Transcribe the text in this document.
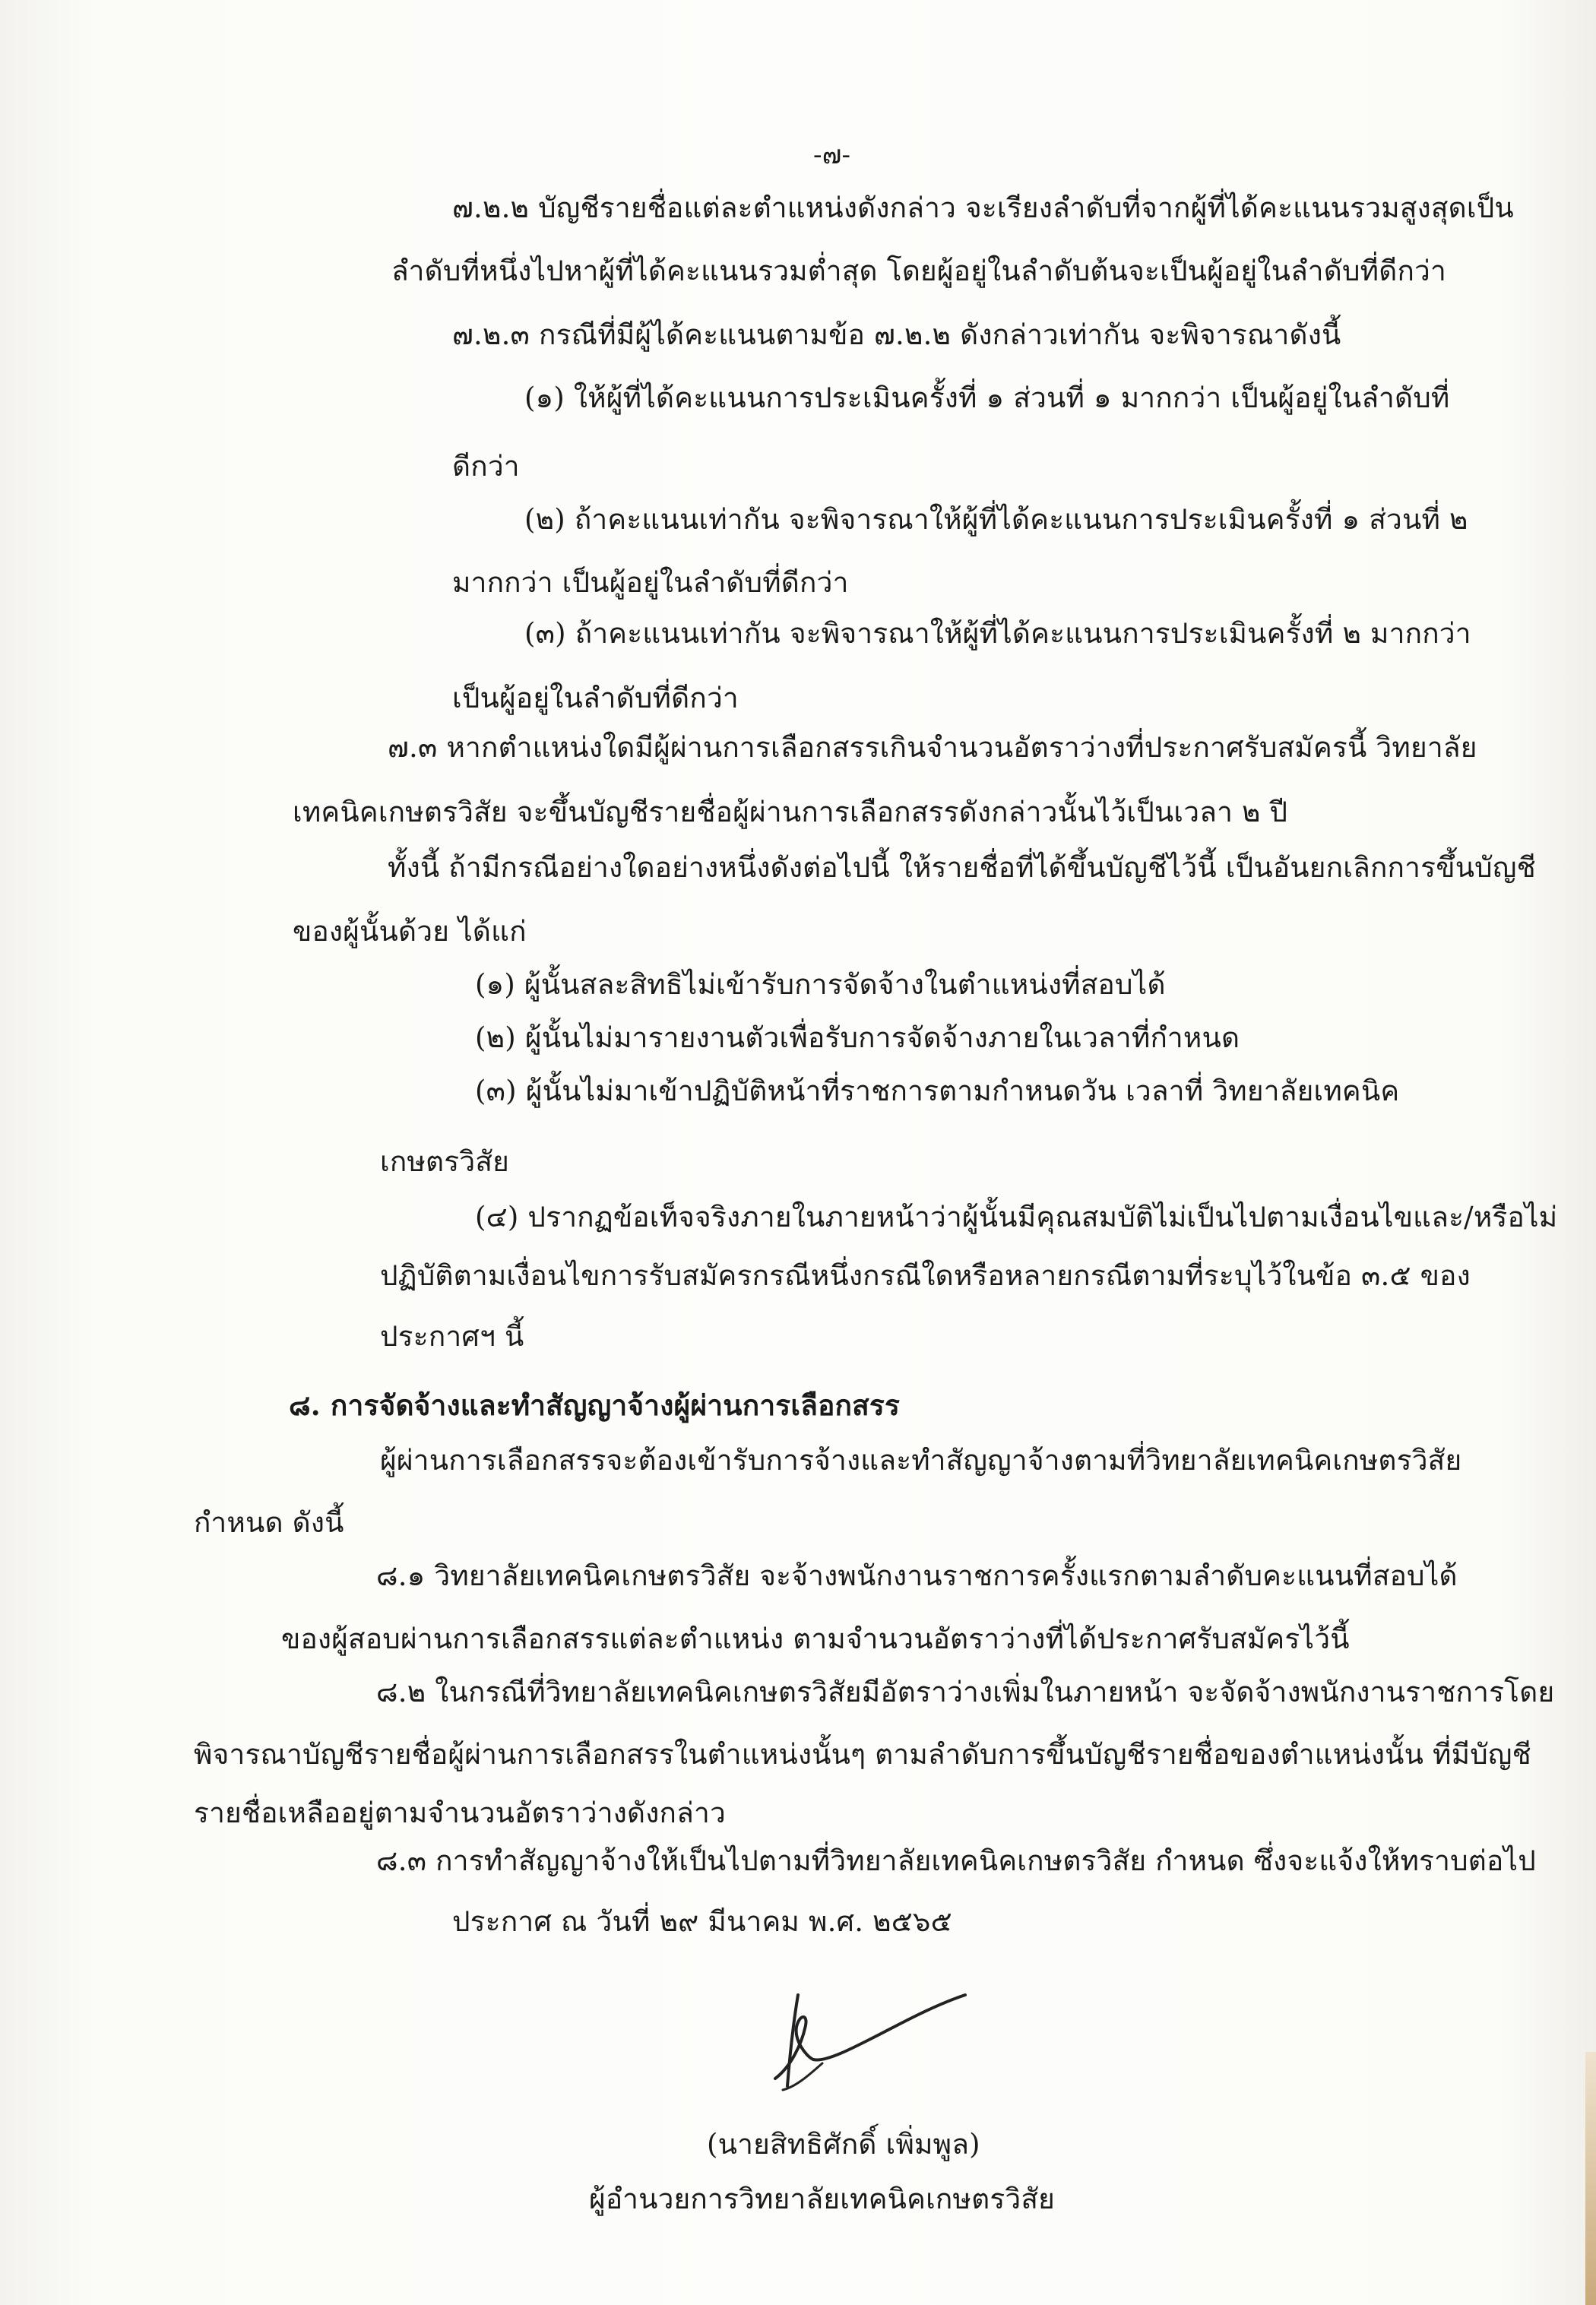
-๗-
๗.๒.๒ บัญชีรายชื่อแต่ละตำแหน่งดังกล่าว จะเรียงลำดับที่จากผู้ที่ได้คะแนนรวมสูงสุดเป็น
ลำดับที่หนึ่งไปหาผู้ที่ได้คะแนนรวมต่ำสุด โดยผู้อยู่ในลำดับต้นจะเป็นผู้อยู่ในลำดับที่ดีกว่า
๗.๒.๓ กรณีที่มีผู้ได้คะแนนตามข้อ ๗.๒.๒ ดังกล่าวเท่ากัน จะพิจารณาดังนี้
(๑) ให้ผู้ที่ได้คะแนนการประเมินครั้งที่ ๑ ส่วนที่ ๑ มากกว่า เป็นผู้อยู่ในลำดับที่
ดีกว่า
(๒) ถ้าคะแนนเท่ากัน จะพิจารณาให้ผู้ที่ได้คะแนนการประเมินครั้งที่ ๑ ส่วนที่ ๒
มากกว่า เป็นผู้อยู่ในลำดับที่ดีกว่า
(๓) ถ้าคะแนนเท่ากัน จะพิจารณาให้ผู้ที่ได้คะแนนการประเมินครั้งที่ ๒ มากกว่า
เป็นผู้อยู่ในลำดับที่ดีกว่า
๗.๓ หากตำแหน่งใดมีผู้ผ่านการเลือกสรรเกินจำนวนอัตราว่างที่ประกาศรับสมัครนี้ วิทยาลัย
เทคนิคเกษตรวิสัย จะขึ้นบัญชีรายชื่อผู้ผ่านการเลือกสรรดังกล่าวนั้นไว้เป็นเวลา ๒ ปี
ทั้งนี้ ถ้ามีกรณีอย่างใดอย่างหนึ่งดังต่อไปนี้ ให้รายชื่อที่ได้ขึ้นบัญชีไว้นี้ เป็นอันยกเลิกการขึ้นบัญชี
ของผู้นั้นด้วย ได้แก่
(๑) ผู้นั้นสละสิทธิไม่เข้ารับการจัดจ้างในตำแหน่งที่สอบได้
(๒) ผู้นั้นไม่มารายงานตัวเพื่อรับการจัดจ้างภายในเวลาที่กำหนด
(๓) ผู้นั้นไม่มาเข้าปฏิบัติหน้าที่ราชการตามกำหนดวัน เวลาที่ วิทยาลัยเทคนิค
เกษตรวิสัย
(๔) ปรากฏข้อเท็จจริงภายในภายหน้าว่าผู้นั้นมีคุณสมบัติไม่เป็นไปตามเงื่อนไขและ/หรือไม่
ปฏิบัติตามเงื่อนไขการรับสมัครกรณีหนึ่งกรณีใดหรือหลายกรณีตามที่ระบุไว้ในข้อ ๓.๕ ของ
ประกาศฯ นี้
๘. การจัดจ้างและทำสัญญาจ้างผู้ผ่านการเลือกสรร
ผู้ผ่านการเลือกสรรจะต้องเข้ารับการจ้างและทำสัญญาจ้างตามที่วิทยาลัยเทคนิคเกษตรวิสัย
กำหนด ดังนี้
๘.๑ วิทยาลัยเทคนิคเกษตรวิสัย จะจ้างพนักงานราชการครั้งแรกตามลำดับคะแนนที่สอบได้
ของผู้สอบผ่านการเลือกสรรแต่ละตำแหน่ง ตามจำนวนอัตราว่างที่ได้ประกาศรับสมัครไว้นี้
๘.๒ ในกรณีที่วิทยาลัยเทคนิคเกษตรวิสัยมีอัตราว่างเพิ่มในภายหน้า จะจัดจ้างพนักงานราชการโดย
พิจารณาบัญชีรายชื่อผู้ผ่านการเลือกสรรในตำแหน่งนั้นๆ ตามลำดับการขึ้นบัญชีรายชื่อของตำแหน่งนั้น ที่มีบัญชี
รายชื่อเหลืออยู่ตามจำนวนอัตราว่างดังกล่าว
๘.๓ การทำสัญญาจ้างให้เป็นไปตามที่วิทยาลัยเทคนิคเกษตรวิสัย กำหนด ซึ่งจะแจ้งให้ทราบต่อไป
ประกาศ ณ วันที่ ๒๙ มีนาคม พ.ศ. ๒๕๖๕
(นายสิทธิศักดิ์ เพิ่มพูล)
ผู้อำนวยการวิทยาลัยเทคนิคเกษตรวิสัย
